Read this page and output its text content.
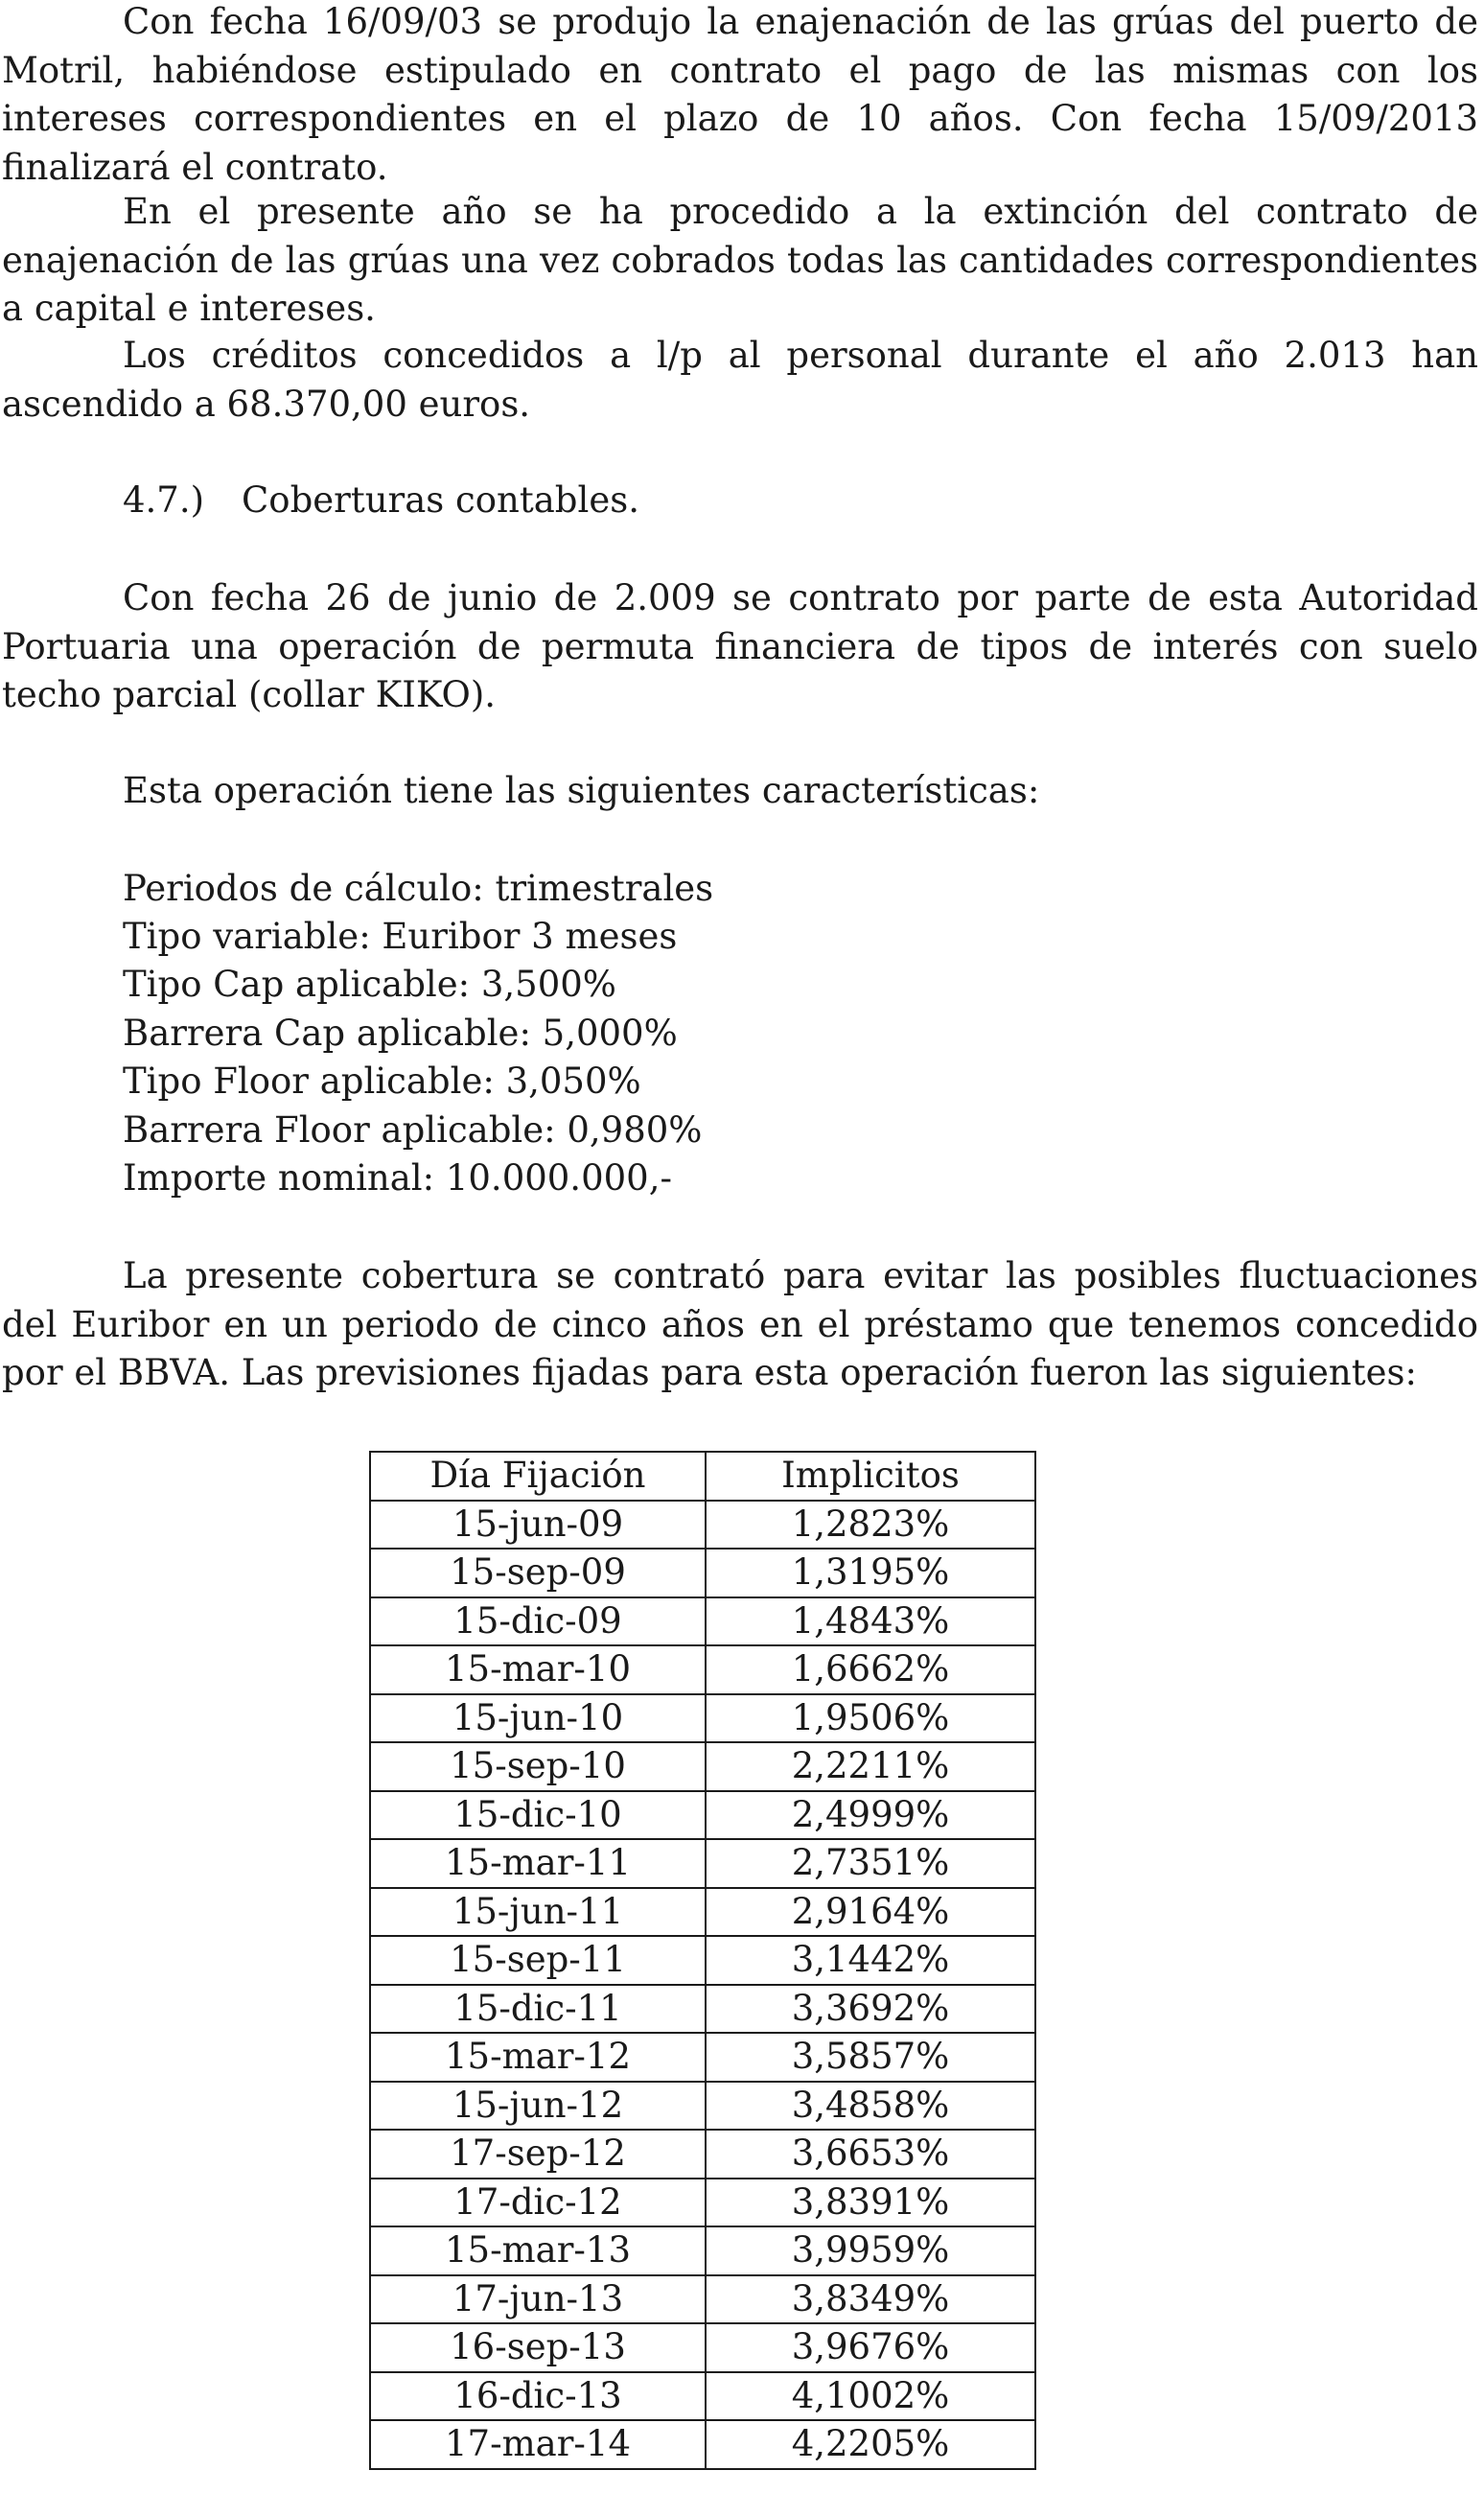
Con fecha 16/09/03 se produjo la enajenación de las grúas del puerto de Motril, habiéndose estipulado en contrato el pago de las mismas con los intereses correspondientes en el plazo de 10 años. Con fecha 15/09/2013 finalizará el contrato.

En el presente año se ha procedido a la extinción del contrato de enajenación de las grúas una vez cobrados todas las cantidades correspondientes a capital e intereses.

Los créditos concedidos a l/p al personal durante el año 2.013 han ascendido a 68.370,00 euros.

4.7.) Coberturas contables.

Con fecha 26 de junio de 2.009 se contrato por parte de esta Autoridad Portuaria una operación de permuta financiera de tipos de interés con suelo techo parcial (collar KIKO).

Esta operación tiene las siguientes características:

Periodos de cálculo: trimestrales

Tipo variable: Euribor 3 meses

Tipo Cap aplicable: 3,500%

Barrera Cap aplicable: 5,000%

Tipo Floor aplicable: 3,050%

Barrera Floor aplicable: 0,980%

Importe nominal: 10.000.000,-

La presente cobertura se contrató para evitar las posibles fluctuaciones del Euribor en un periodo de cinco años en el préstamo que tenemos concedido por el BBVA. Las previsiones fijadas para esta operación fueron las siguientes:

Día Fijación	Implicitos
15-jun-09	1,2823%
15-sep-09	1,3195%
15-dic-09	1,4843%
15-mar-10	1,6662%
15-jun-10	1,9506%
15-sep-10	2,2211%
15-dic-10	2,4999%
15-mar-11	2,7351%
15-jun-11	2,9164%
15-sep-11	3,1442%
15-dic-11	3,3692%
15-mar-12	3,5857%
15-jun-12	3,4858%
17-sep-12	3,6653%
17-dic-12	3,8391%
15-mar-13	3,9959%
17-jun-13	3,8349%
16-sep-13	3,9676%
16-dic-13	4,1002%
17-mar-14	4,2205%
